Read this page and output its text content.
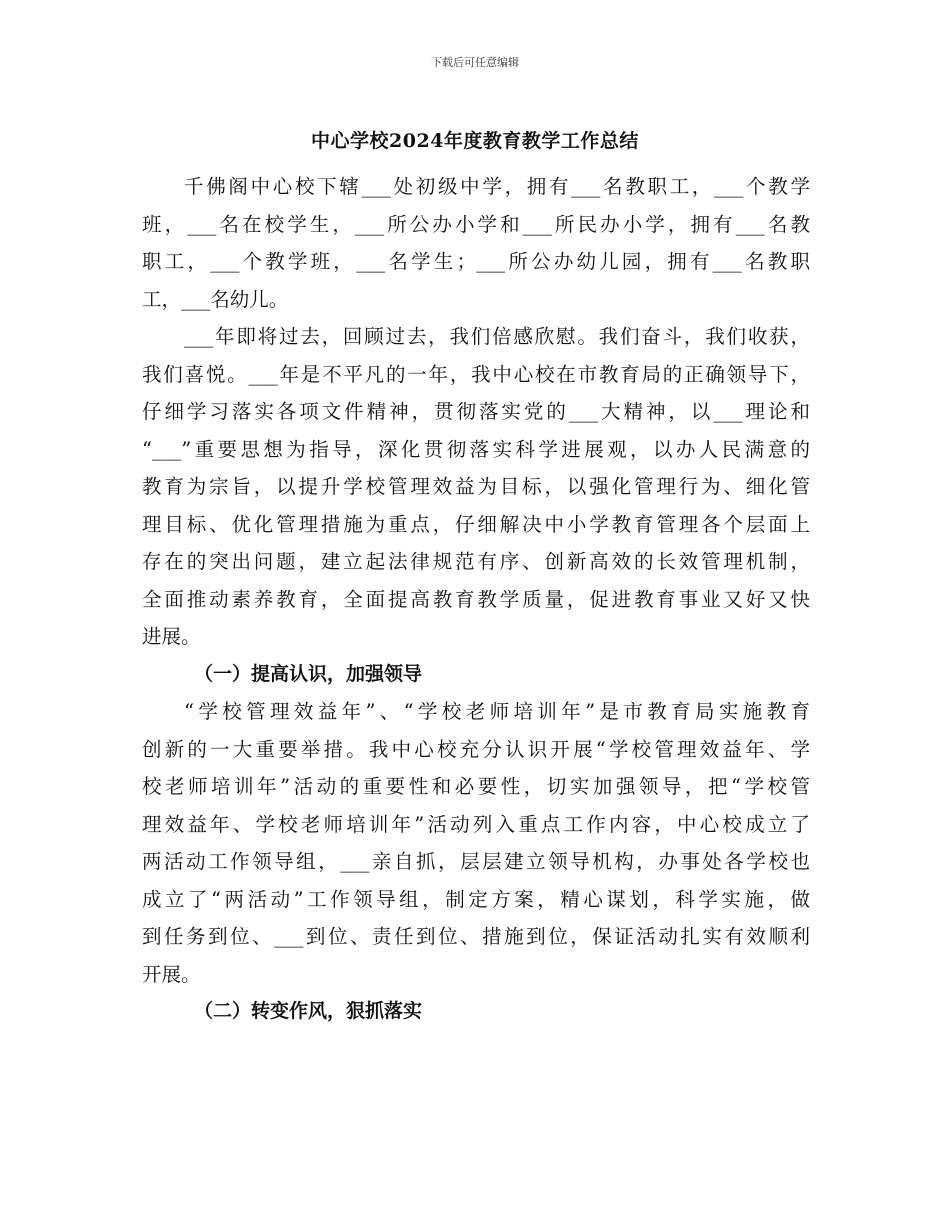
下载后可任意编辑
中心学校2024年度教育教学工作总结
千佛阁中心校下辖___处初级中学，拥有___名教职工，___个教学
班，___名在校学生，___所公办小学和___所民办小学，拥有___名教
职工，___个教学班，___名学生；___所公办幼儿园，拥有___名教职
工，___名幼儿。
___年即将过去，回顾过去，我们倍感欣慰。我们奋斗，我们收获，
我们喜悦。___年是不平凡的一年，我中心校在市教育局的正确领导下，
仔细学习落实各项文件精神，贯彻落实党的___大精神，以___理论和
“___”重要思想为指导，深化贯彻落实科学进展观，以办人民满意的
教育为宗旨，以提升学校管理效益为目标，以强化管理行为、细化管
理目标、优化管理措施为重点，仔细解决中小学教育管理各个层面上
存在的突出问题，建立起法律规范有序、创新高效的长效管理机制，
全面推动素养教育，全面提高教育教学质量，促进教育事业又好又快
进展。
（一）提高认识，加强领导
“学校管理效益年”、“学校老师培训年”是市教育局实施教育
创新的一大重要举措。我中心校充分认识开展“学校管理效益年、学
校老师培训年”活动的重要性和必要性，切实加强领导，把“学校管
理效益年、学校老师培训年”活动列入重点工作内容，中心校成立了
两活动工作领导组，___亲自抓，层层建立领导机构，办事处各学校也
成立了“两活动”工作领导组，制定方案，精心谋划，科学实施，做
到任务到位、___到位、责任到位、措施到位，保证活动扎实有效顺利
开展。
（二）转变作风，狠抓落实
